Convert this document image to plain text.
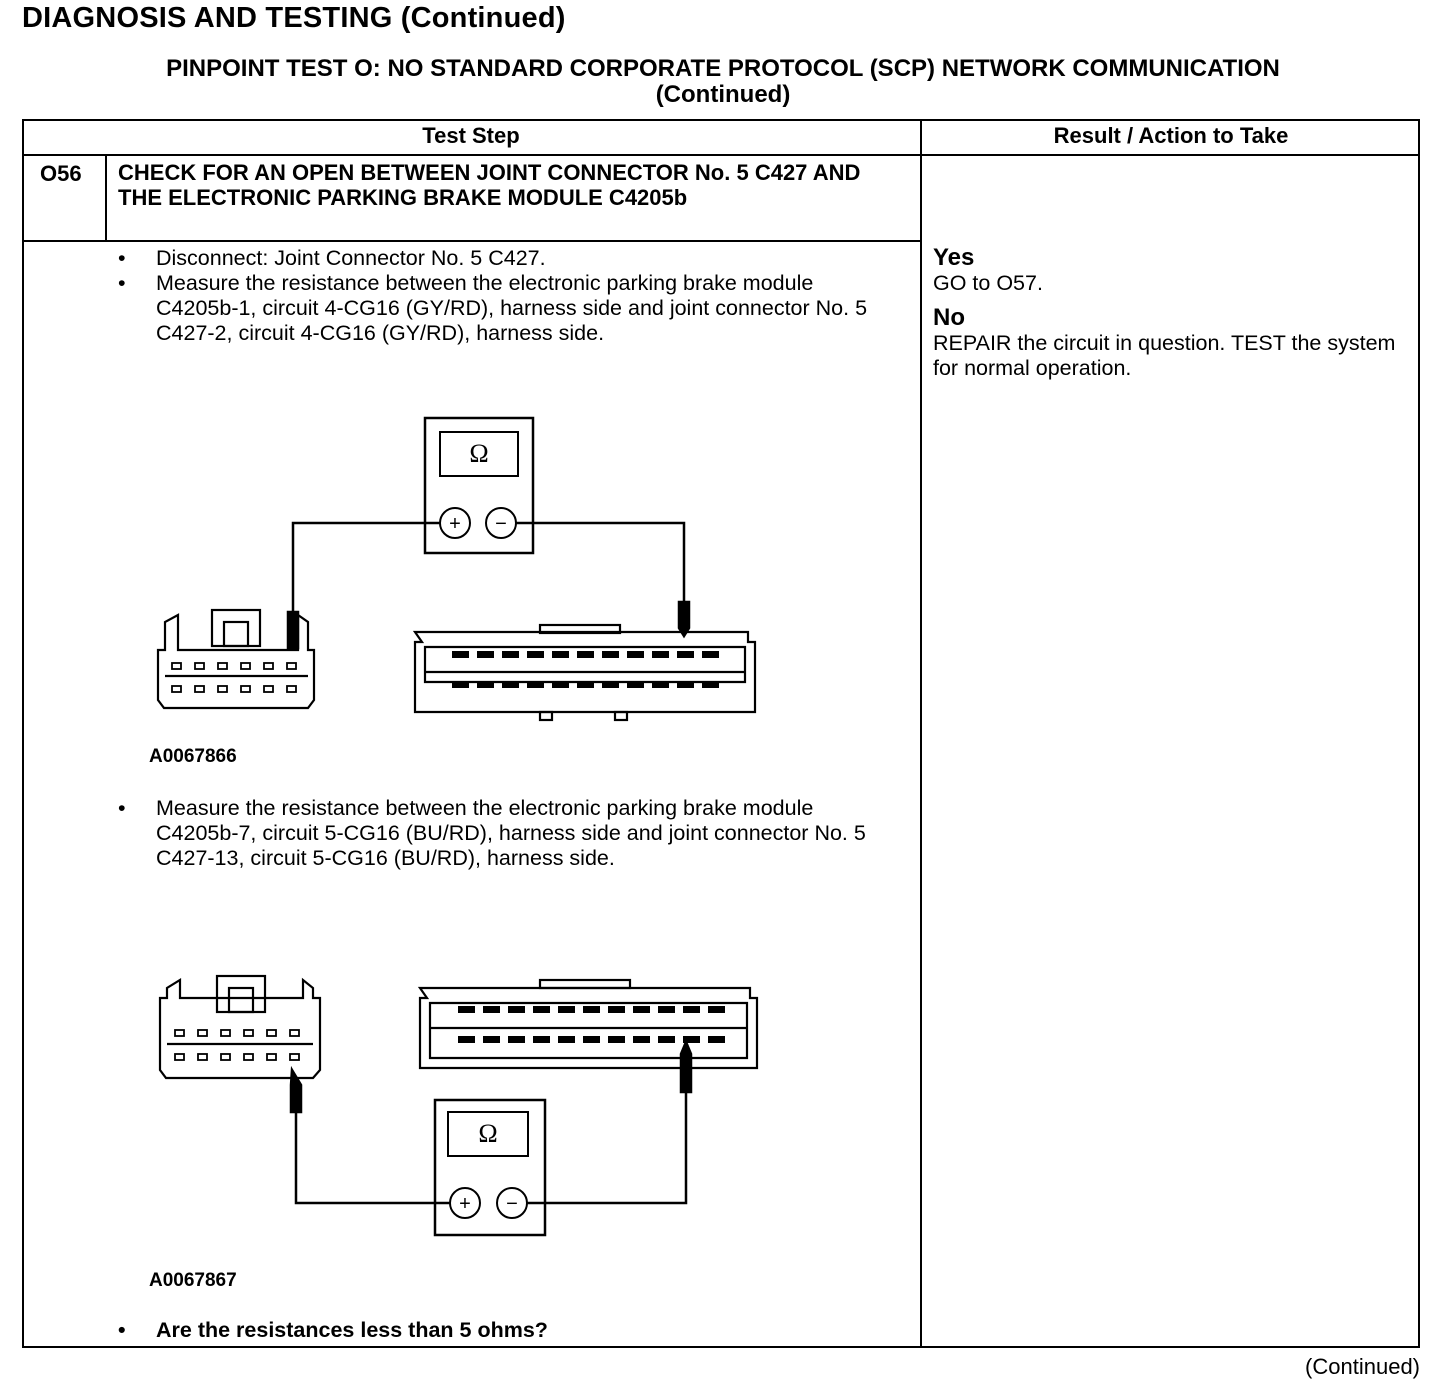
DIAGNOSIS AND TESTING (Continued)
PINPOINT TEST O: NO STANDARD CORPORATE PROTOCOL (SCP) NETWORK COMMUNICATION
(Continued)
Test Step	Result / Action to Take
O56 CHECK FOR AN OPEN BETWEEN JOINT CONNECTOR No. 5 C427 AND THE ELECTRONIC PARKING BRAKE MODULE C4205b
• Disconnect: Joint Connector No. 5 C427.
• Measure the resistance between the electronic parking brake module C4205b-1, circuit 4-CG16 (GY/RD), harness side and joint connector No. 5 C427-2, circuit 4-CG16 (GY/RD), harness side.
Ω
+ −
A0067866
• Measure the resistance between the electronic parking brake module C4205b-7, circuit 5-CG16 (BU/RD), harness side and joint connector No. 5 C427-13, circuit 5-CG16 (BU/RD), harness side.
Ω
+ −
A0067867
• Are the resistances less than 5 ohms?
Yes
GO to O57.
No
REPAIR the circuit in question. TEST the system for normal operation.
(Continued)
